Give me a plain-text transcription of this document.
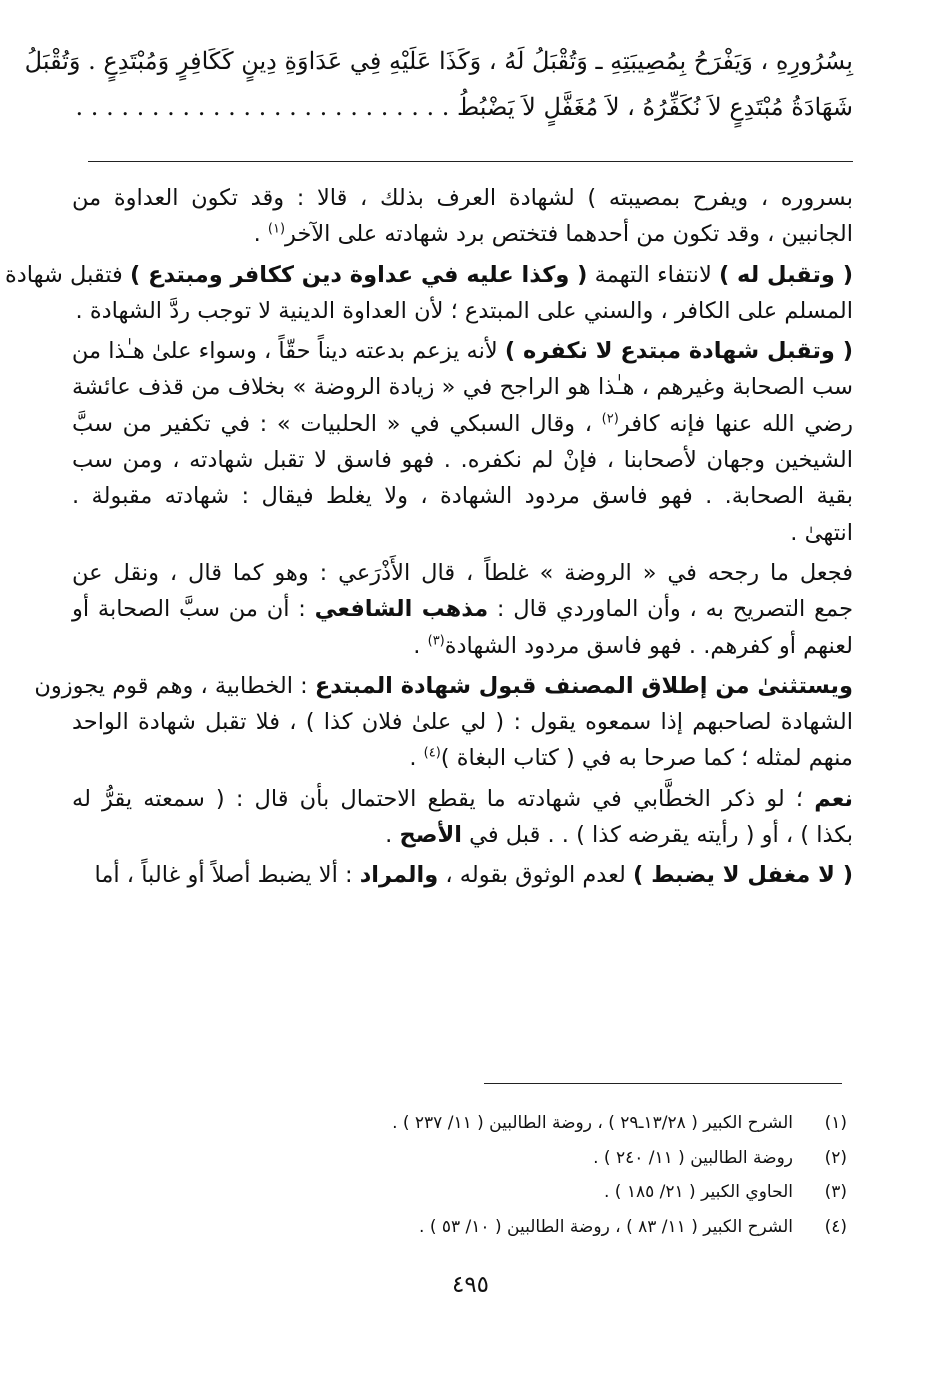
بِسُرُورِهِ ، وَيَفْرَحُ بِمُصِيبَتِهِ ـ وَتُقْبَلُ لَهُ ، وَكَذَا عَلَيْهِ فِي عَدَاوَةِ دِينٍ كَكَافِرٍ وَمُبْتَدِعٍ . وَتُقْبَلُ
شَهَادَةُ مُبْتَدِعٍ لاَ نُكَفِّرُهُ ، لاَ مُغَفَّلٍ لاَ يَضْبُطُ . . . . . . . . . . . . . . . . . . . . . . . . .
بسروره ، ويفرح بمصيبته ) لشهادة العرف بذلك ، قالا : وقد تكون العداوة من
الجانبين ، وقد تكون من أحدهما فتختص برد شهادته على الآخر$^{(١)}$ .
( وتقبل له ) لانتفاء التهمة ( وكذا عليه في عداوة دين ككافر ومبتدع ) فتقبل شهادة
المسلم على الكافر ، والسني على المبتدع ؛ لأن العداوة الدينية لا توجب ردَّ الشهادة .
( وتقبل شهادة مبتدع لا نكفره ) لأنه يزعم بدعته ديناً حقّاً ، وسواء علىٰ هـٰذا من
سب الصحابة وغيرهم ، هـٰذا هو الراجح في « زيادة الروضة » بخلاف من قذف عائشة
رضي الله عنها فإنه كافر$^{(٢)}$ ، وقال السبكي في « الحلبيات » : في تكفير من سبَّ
الشيخين وجهان لأصحابنا ، فإنْ لم نكفره. . فهو فاسق لا تقبل شهادته ، ومن سب
بقية الصحابة. . فهو فاسق مردود الشهادة ، ولا يغلط فيقال : شهادته مقبولة .
انتهىٰ .
فجعل ما رجحه في « الروضة » غلطاً ، قال الأَذْرَعي : وهو كما قال ، ونقل عن
جمع التصريح به ، وأن الماوردي قال : مذهب الشافعي : أن من سبَّ الصحابة أو
لعنهم أو كفرهم. . فهو فاسق مردود الشهادة$^{(٣)}$ .
ويستثنىٰ من إطلاق المصنف قبول شهادة المبتدع : الخطابية ، وهم قوم يجوزون
الشهادة لصاحبهم إذا سمعوه يقول : ( لي علىٰ فلان كذا ) ، فلا تقبل شهادة الواحد
منهم لمثله ؛ كما صرحا به في ( كتاب البغاة )$^{(٤)}$ .
نعم ؛ لو ذكر الخطَّابي في شهادته ما يقطع الاحتمال بأن قال : ( سمعته يقرُّ له
بكذا ) ، أو ( رأيته يقرضه كذا ) . . قبل في الأصح .
( لا مغفل لا يضبط ) لعدم الوثوق بقوله ، والمراد : ألا يضبط أصلاً أو غالباً ، أما
(١)
الشرح الكبير ( ١٣/٢٨ـ٢٩ ) ، روضة الطالبين ( ١١/ ٢٣٧ ) .
(٢)
روضة الطالبين ( ١١/ ٢٤٠ ) .
(٣)
الحاوي الكبير ( ٢١/ ١٨٥ ) .
(٤)
الشرح الكبير ( ١١/ ٨٣ ) ، روضة الطالبين ( ١٠/ ٥٣ ) .
٤٩٥
